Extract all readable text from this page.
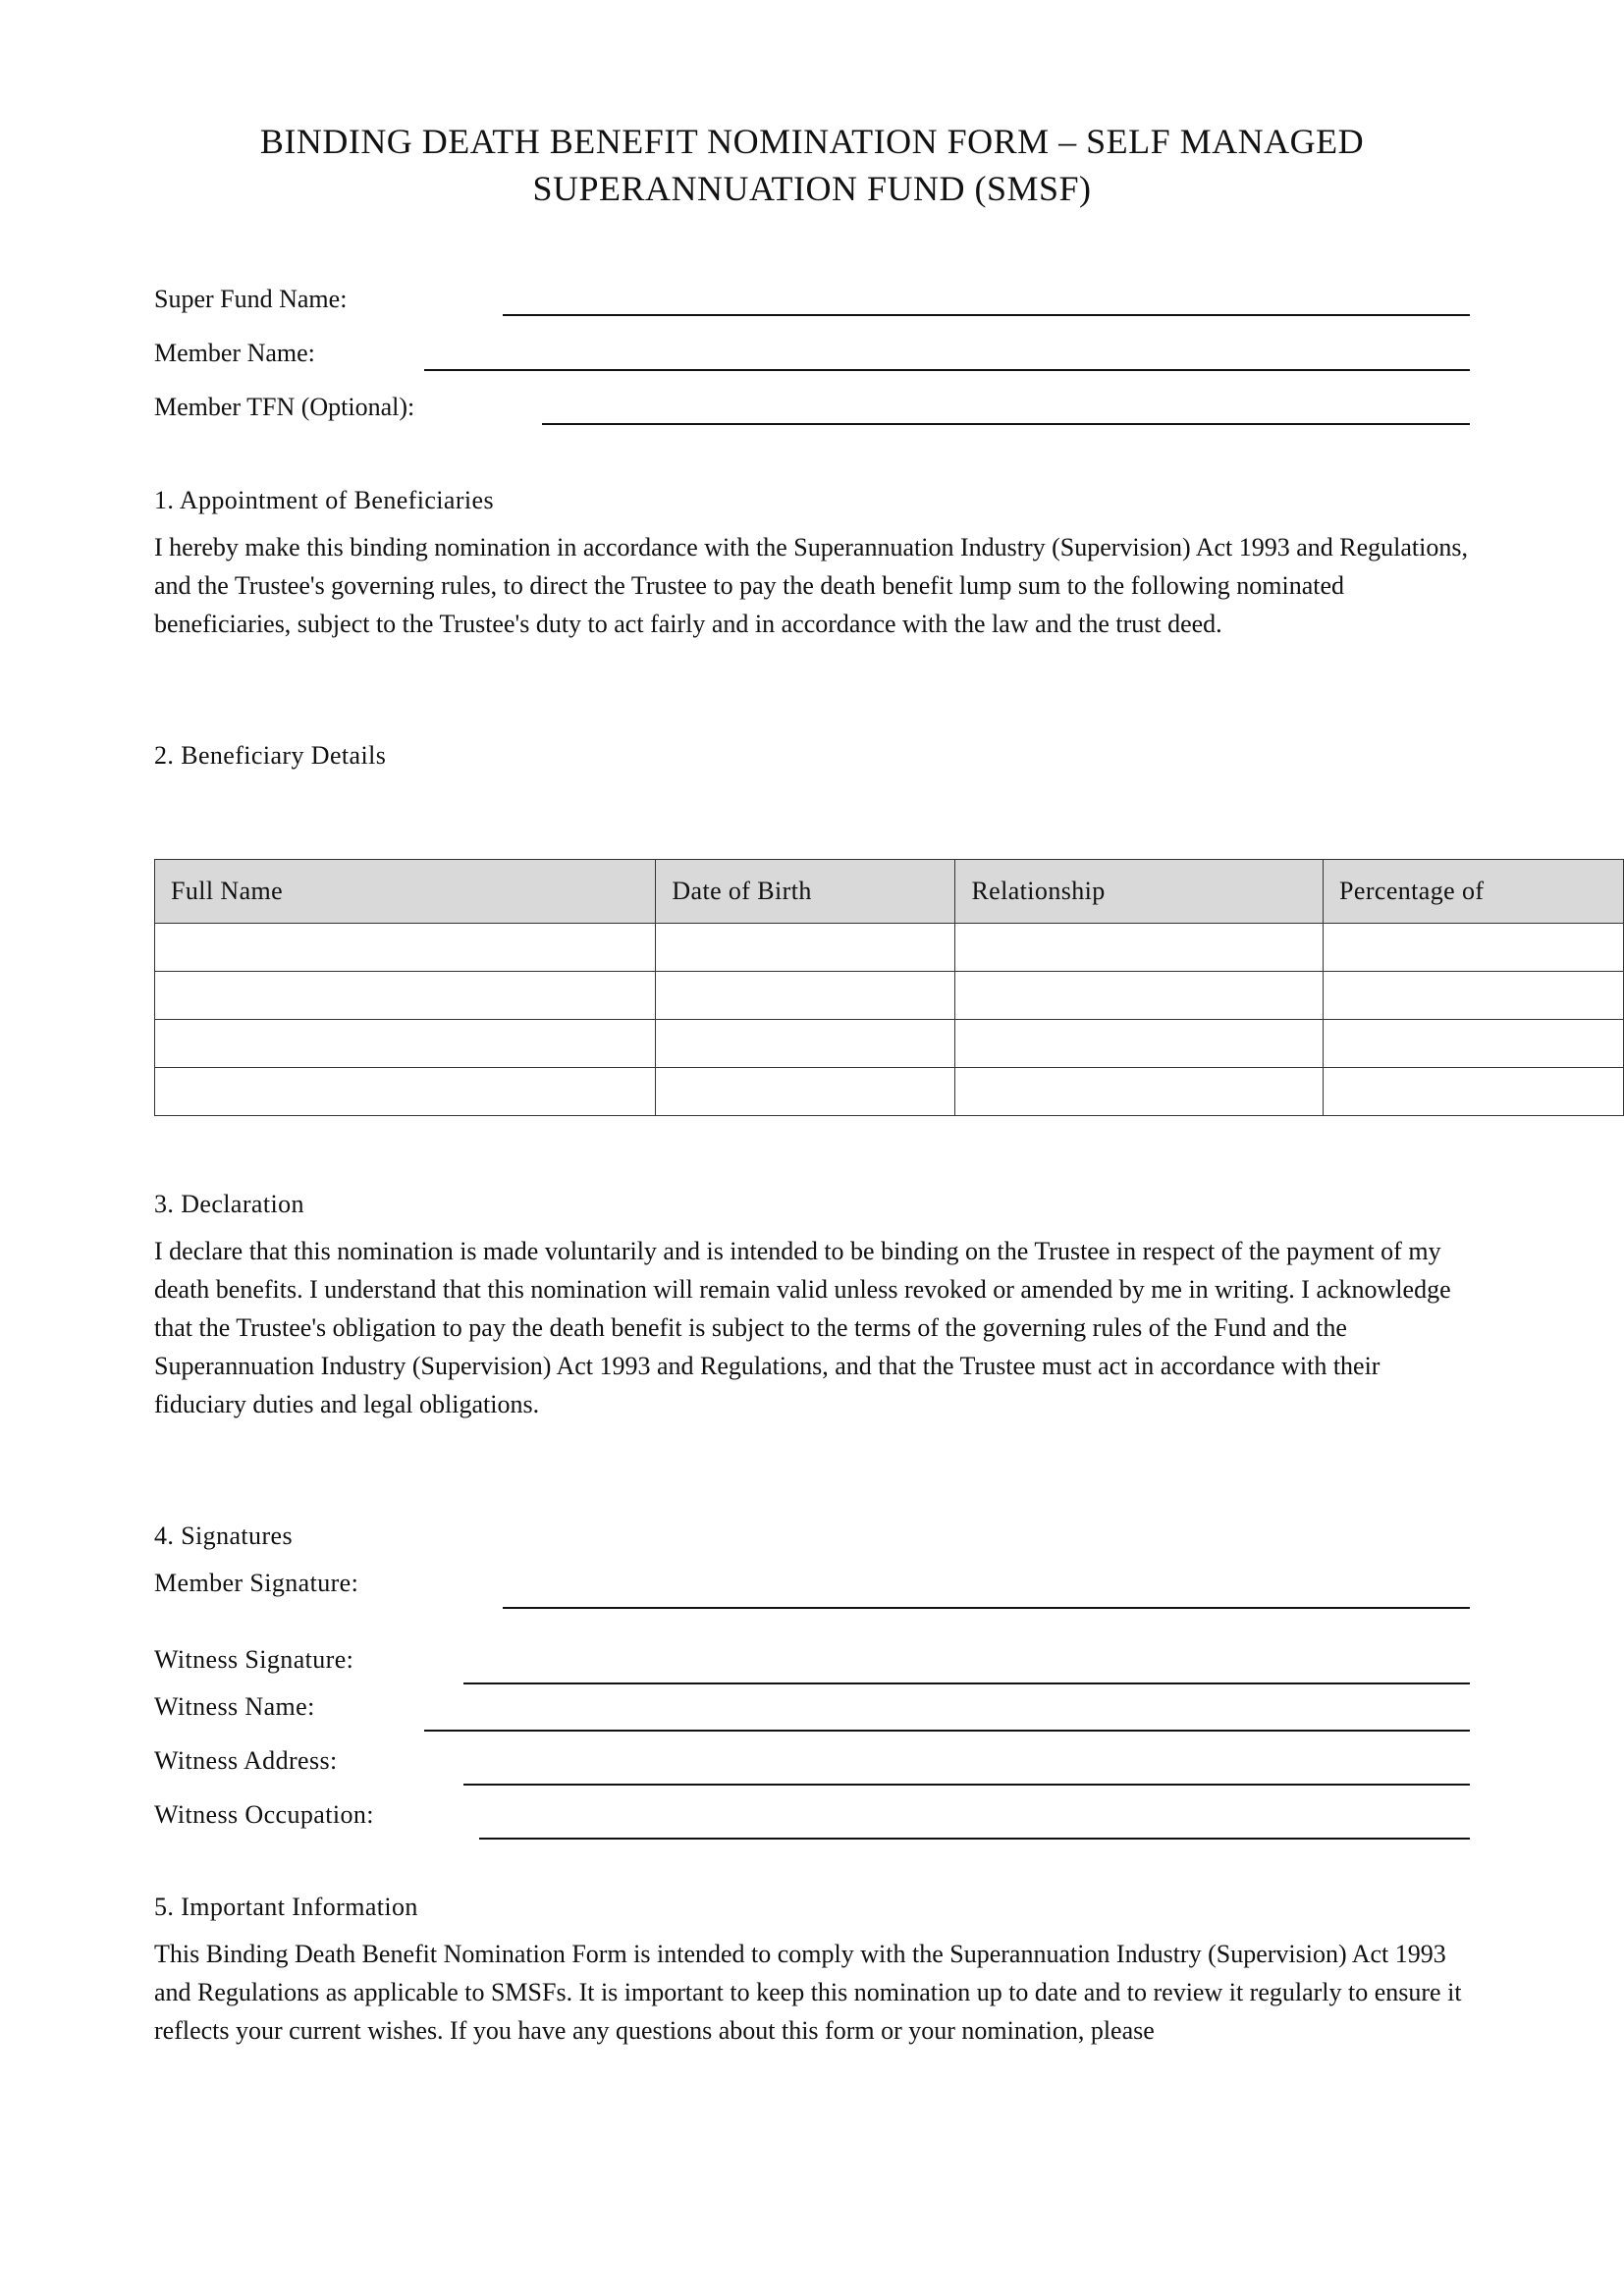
BINDING DEATH BENEFIT NOMINATION FORM – SELF MANAGED
SUPERANNUATION FUND (SMSF)
Super Fund Name:
Member Name:
Member TFN (Optional):
1. Appointment of Beneficiaries

I hereby make this binding nomination in accordance with the Superannuation Industry (Supervision) Act 1993 and Regulations, and the Trustee's governing rules, to direct the Trustee to pay the death benefit lump sum to the following nominated beneficiaries, subject to the Trustee's duty to act fairly and in accordance with the law and the trust deed.

2. Beneficiary Details
Full Name	Date of Birth	Relationship	Percentage of

3. Declaration

I declare that this nomination is made voluntarily and is intended to be binding on the Trustee in respect of the payment of my death benefits. I understand that this nomination will remain valid unless revoked or amended by me in writing. I acknowledge that the Trustee's obligation to pay the death benefit is subject to the terms of the governing rules of the Fund and the Superannuation Industry (Supervision) Act 1993 and Regulations, and that the Trustee must act in accordance with their fiduciary duties and legal obligations.

4. Signatures
Member Signature:
Witness Signature:
Witness Name:
Witness Address:
Witness Occupation:
5. Important Information

This Binding Death Benefit Nomination Form is intended to comply with the Superannuation Industry (Supervision) Act 1993 and Regulations as applicable to SMSFs. It is important to keep this nomination up to date and to review it regularly to ensure it reflects your current wishes. If you have any questions about this form or your nomination, please
